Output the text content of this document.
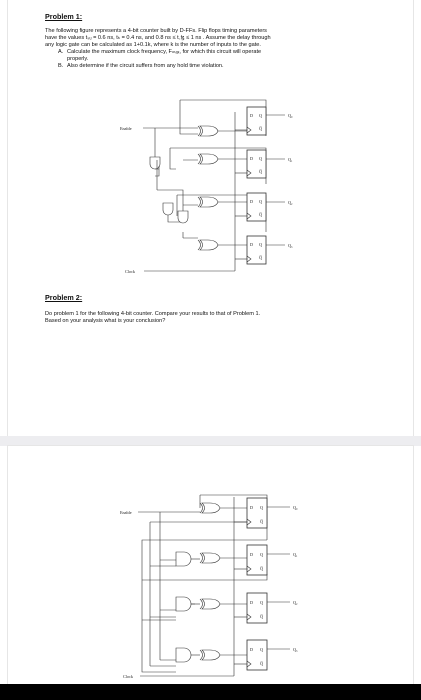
Problem 1:

The following figure represents a 4-bit counter built by D-FFs. Flip flops timing parameters

have the values tₛᵤ = 0.6 ns, tₕ = 0.4 ns, and 0.8 ns ≤ t꜀ꜩ ≤ 1 ns . Assume the delay through

any logic gate can be calculated as 1+0.1k, where k is the number of inputs to the gate.

A. Calculate the maximum clock frequency, Fₘₐₓ, for which this circuit will operate
properly.
B. Also determine if the circuit suffers from any hold time violation.
Enable
Clock
D Q
Q̅
Q₀
D Q
Q̅
Q₁
D Q
Q̅
Q₂
D Q
Q̅
Q₃
Problem 2:

Do problem 1 for the following 4-bit counter. Compare your results to that of Problem 1.

Based on your analysis what is your conclusion?

Enable
Clock
D Q
Q̅
Q₀
D Q
Q̅
Q₁
D Q
Q̅
Q₂
D Q
Q̅
Q₃
